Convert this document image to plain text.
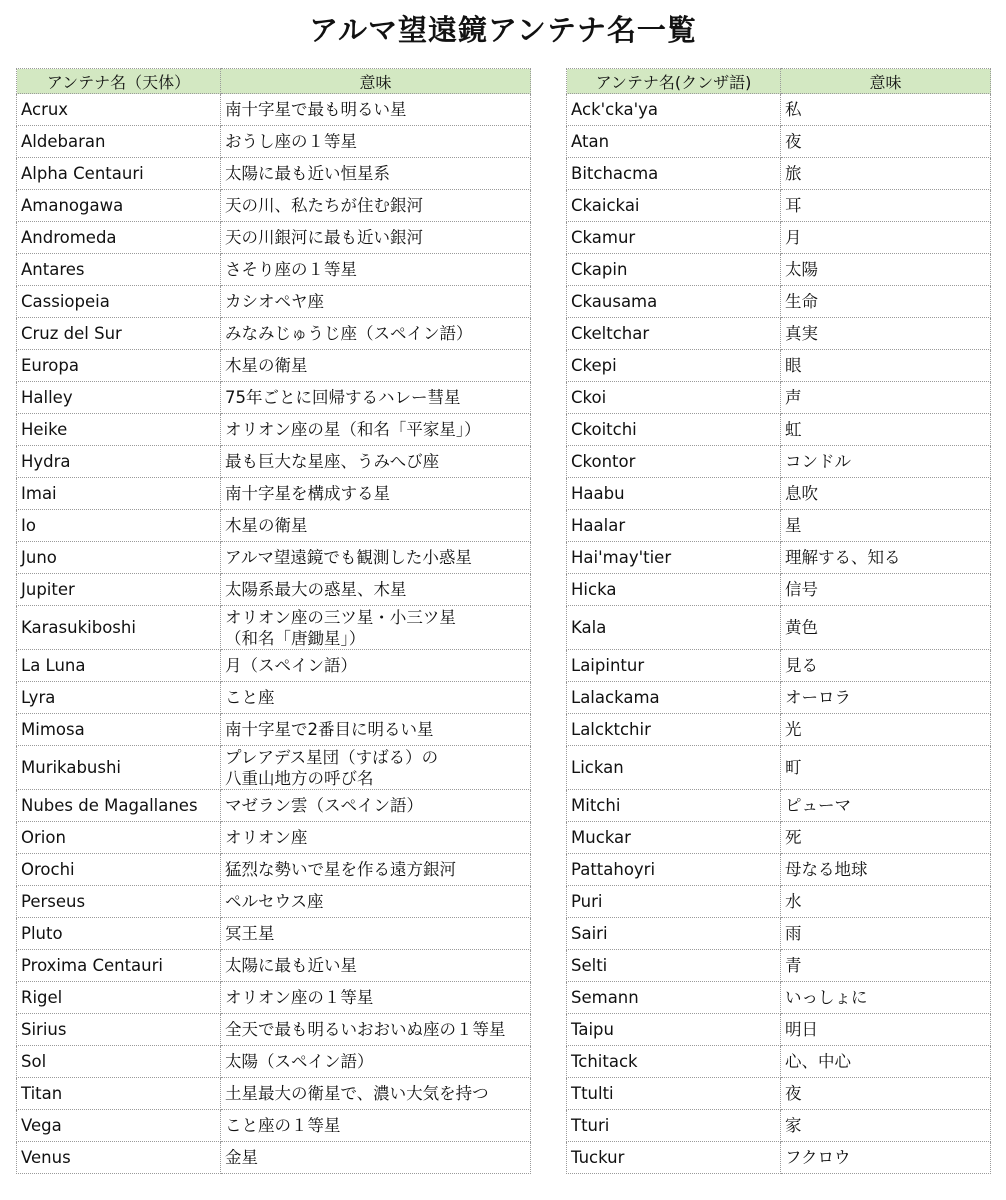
アルマ望遠鏡アンテナ名一覧
アンテナ名（天体）	意味
Acrux	南十字星で最も明るい星
Aldebaran	おうし座の１等星
Alpha Centauri	太陽に最も近い恒星系
Amanogawa	天の川、私たちが住む銀河
Andromeda	天の川銀河に最も近い銀河
Antares	さそり座の１等星
Cassiopeia	カシオペヤ座
Cruz del Sur	みなみじゅうじ座（スペイン語）
Europa	木星の衛星
Halley	75年ごとに回帰するハレー彗星
Heike	オリオン座の星（和名「平家星」）
Hydra	最も巨大な星座、うみへび座
Imai	南十字星を構成する星
Io	木星の衛星
Juno	アルマ望遠鏡でも観測した小惑星
Jupiter	太陽系最大の惑星、木星
Karasukiboshi	オリオン座の三ツ星・小三ツ星
（和名「唐鋤星」）
La Luna	月（スペイン語）
Lyra	こと座
Mimosa	南十字星で2番目に明るい星
Murikabushi	プレアデス星団（すばる）の
八重山地方の呼び名
Nubes de Magallanes	マゼラン雲（スペイン語）
Orion	オリオン座
Orochi	猛烈な勢いで星を作る遠方銀河
Perseus	ペルセウス座
Pluto	冥王星
Proxima Centauri	太陽に最も近い星
Rigel	オリオン座の１等星
Sirius	全天で最も明るいおおいぬ座の１等星
Sol	太陽（スペイン語）
Titan	土星最大の衛星で、濃い大気を持つ
Vega	こと座の１等星
Venus	金星
アンテナ名(クンザ語)	意味
Ack'cka'ya	私
Atan	夜
Bitchacma	旅
Ckaickai	耳
Ckamur	月
Ckapin	太陽
Ckausama	生命
Ckeltchar	真実
Ckepi	眼
Ckoi	声
Ckoitchi	虹
Ckontor	コンドル
Haabu	息吹
Haalar	星
Hai'may'tier	理解する、知る
Hicka	信号
Kala	黄色
Laipintur	見る
Lalackama	オーロラ
Lalcktchir	光
Lickan	町
Mitchi	ピューマ
Muckar	死
Pattahoyri	母なる地球
Puri	水
Sairi	雨
Selti	青
Semann	いっしょに
Taipu	明日
Tchitack	心、中心
Ttulti	夜
Tturi	家
Tuckur	フクロウ
